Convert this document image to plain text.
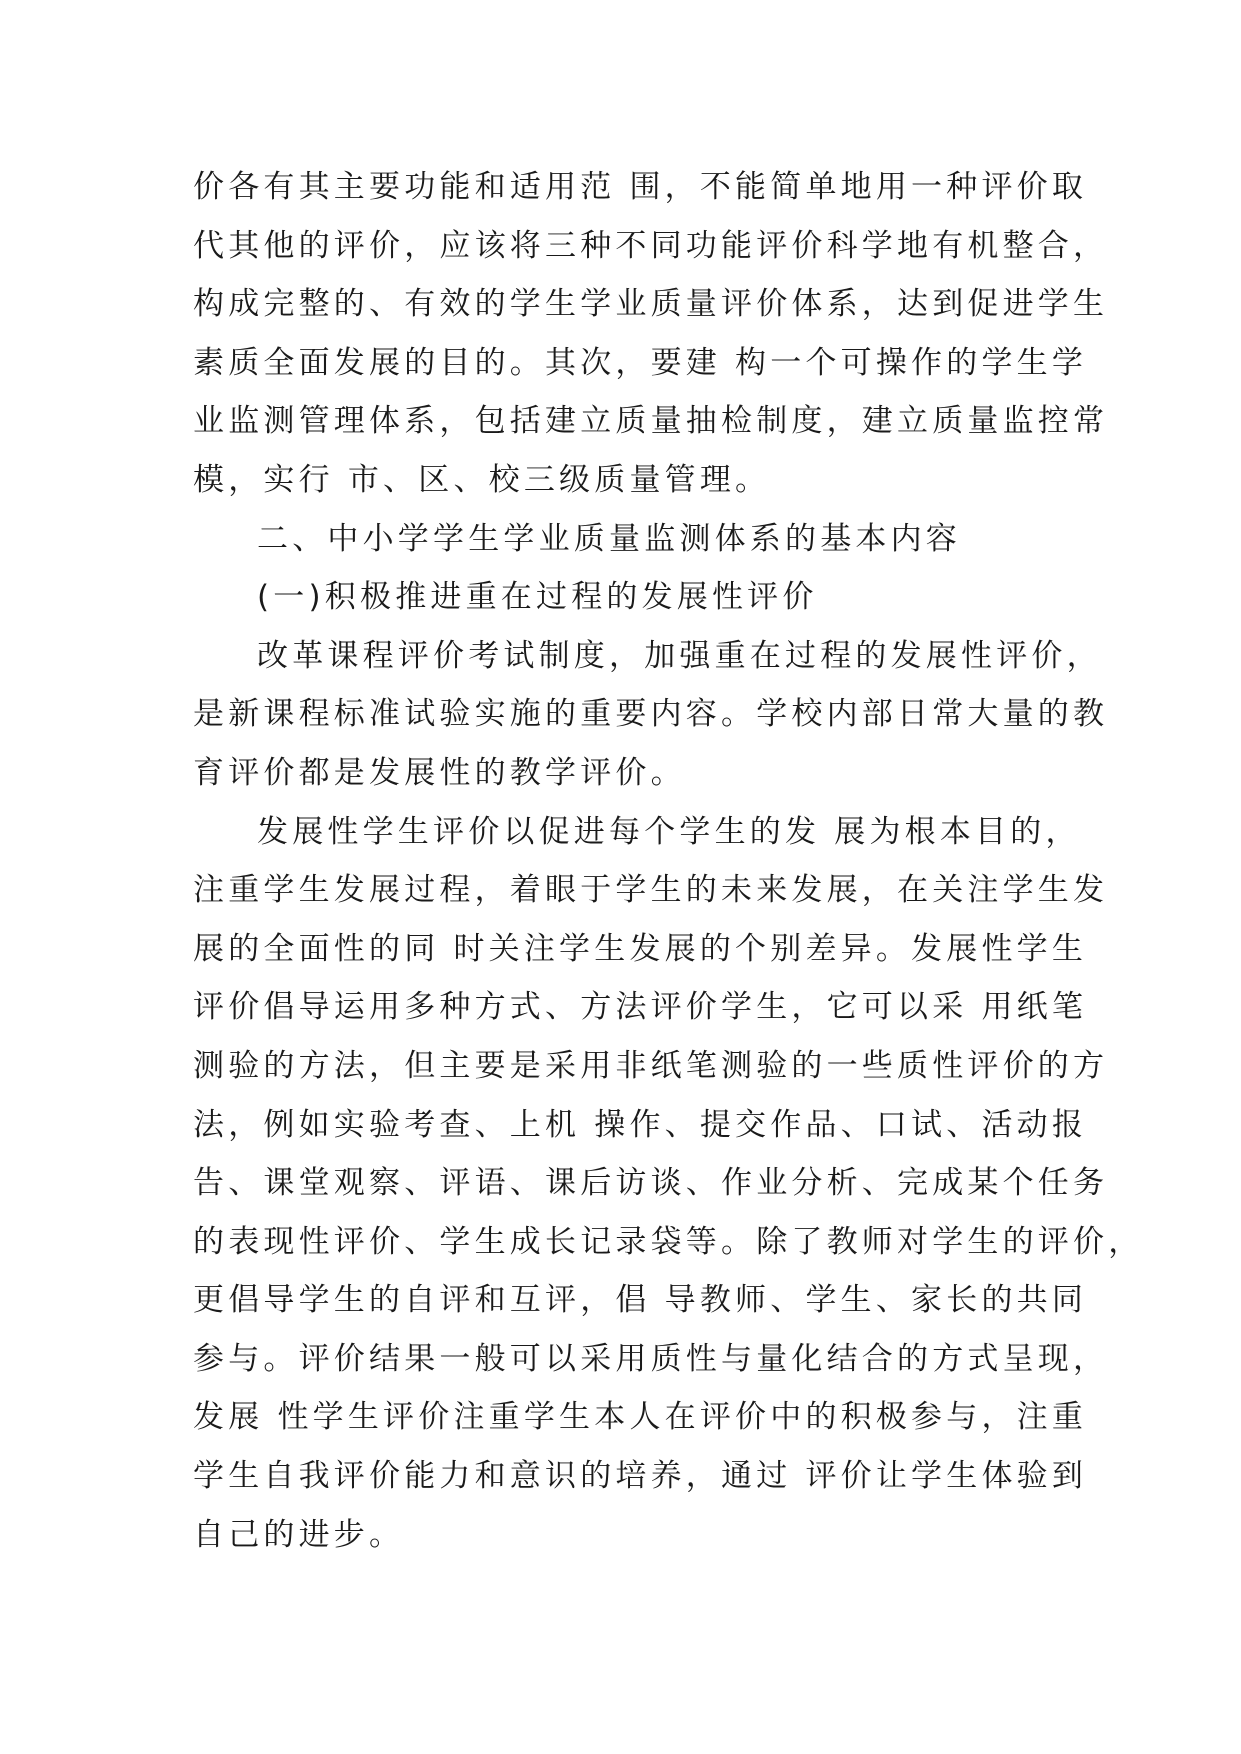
价各有其主要功能和适用范 围，不能简单地用一种评价取
代其他的评价，应该将三种不同功能评价科学地有机整合，
构成完整的、有效的学生学业质量评价体系，达到促进学生
素质全面发展的目的。其次，要建 构一个可操作的学生学
业监测管理体系，包括建立质量抽检制度，建立质量监控常
模，实行 市、区、校三级质量管理。
二、中小学学生学业质量监测体系的基本内容
(一)积极推进重在过程的发展性评价
改革课程评价考试制度，加强重在过程的发展性评价，
是新课程标准试验实施的重要内容。学校内部日常大量的教
育评价都是发展性的教学评价。
发展性学生评价以促进每个学生的发 展为根本目的，
注重学生发展过程，着眼于学生的未来发展，在关注学生发
展的全面性的同 时关注学生发展的个别差异。发展性学生
评价倡导运用多种方式、方法评价学生，它可以采 用纸笔
测验的方法，但主要是采用非纸笔测验的一些质性评价的方
法，例如实验考查、上机 操作、提交作品、口试、活动报
告、课堂观察、评语、课后访谈、作业分析、完成某个任务
的表现性评价、学生成长记录袋等。除了教师对学生的评价，
更倡导学生的自评和互评，倡 导教师、学生、家长的共同
参与。评价结果一般可以采用质性与量化结合的方式呈现，
发展 性学生评价注重学生本人在评价中的积极参与，注重
学生自我评价能力和意识的培养，通过 评价让学生体验到
自己的进步。
